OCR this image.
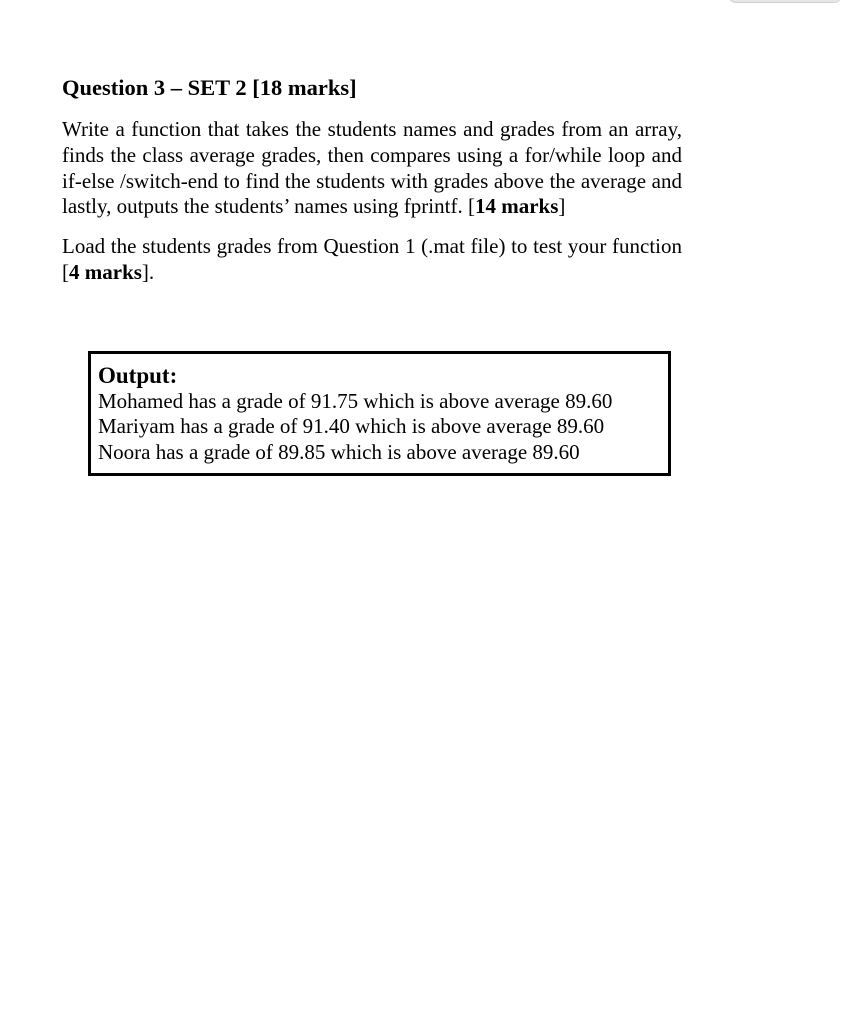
Question 3 – SET 2 [18 marks]

Write a function that takes the students names and grades from an array, finds the class average grades, then compares using a for/while loop and if-else /switch-end to find the students with grades above the average and lastly, outputs the students’ names using fprintf. [14 marks]

Load the students grades from Question 1 (.mat file) to test your function [4 marks].

Output:

Mohamed has a grade of 91.75 which is above average 89.60

Mariyam has a grade of 91.40 which is above average 89.60

Noora has a grade of 89.85 which is above average 89.60
